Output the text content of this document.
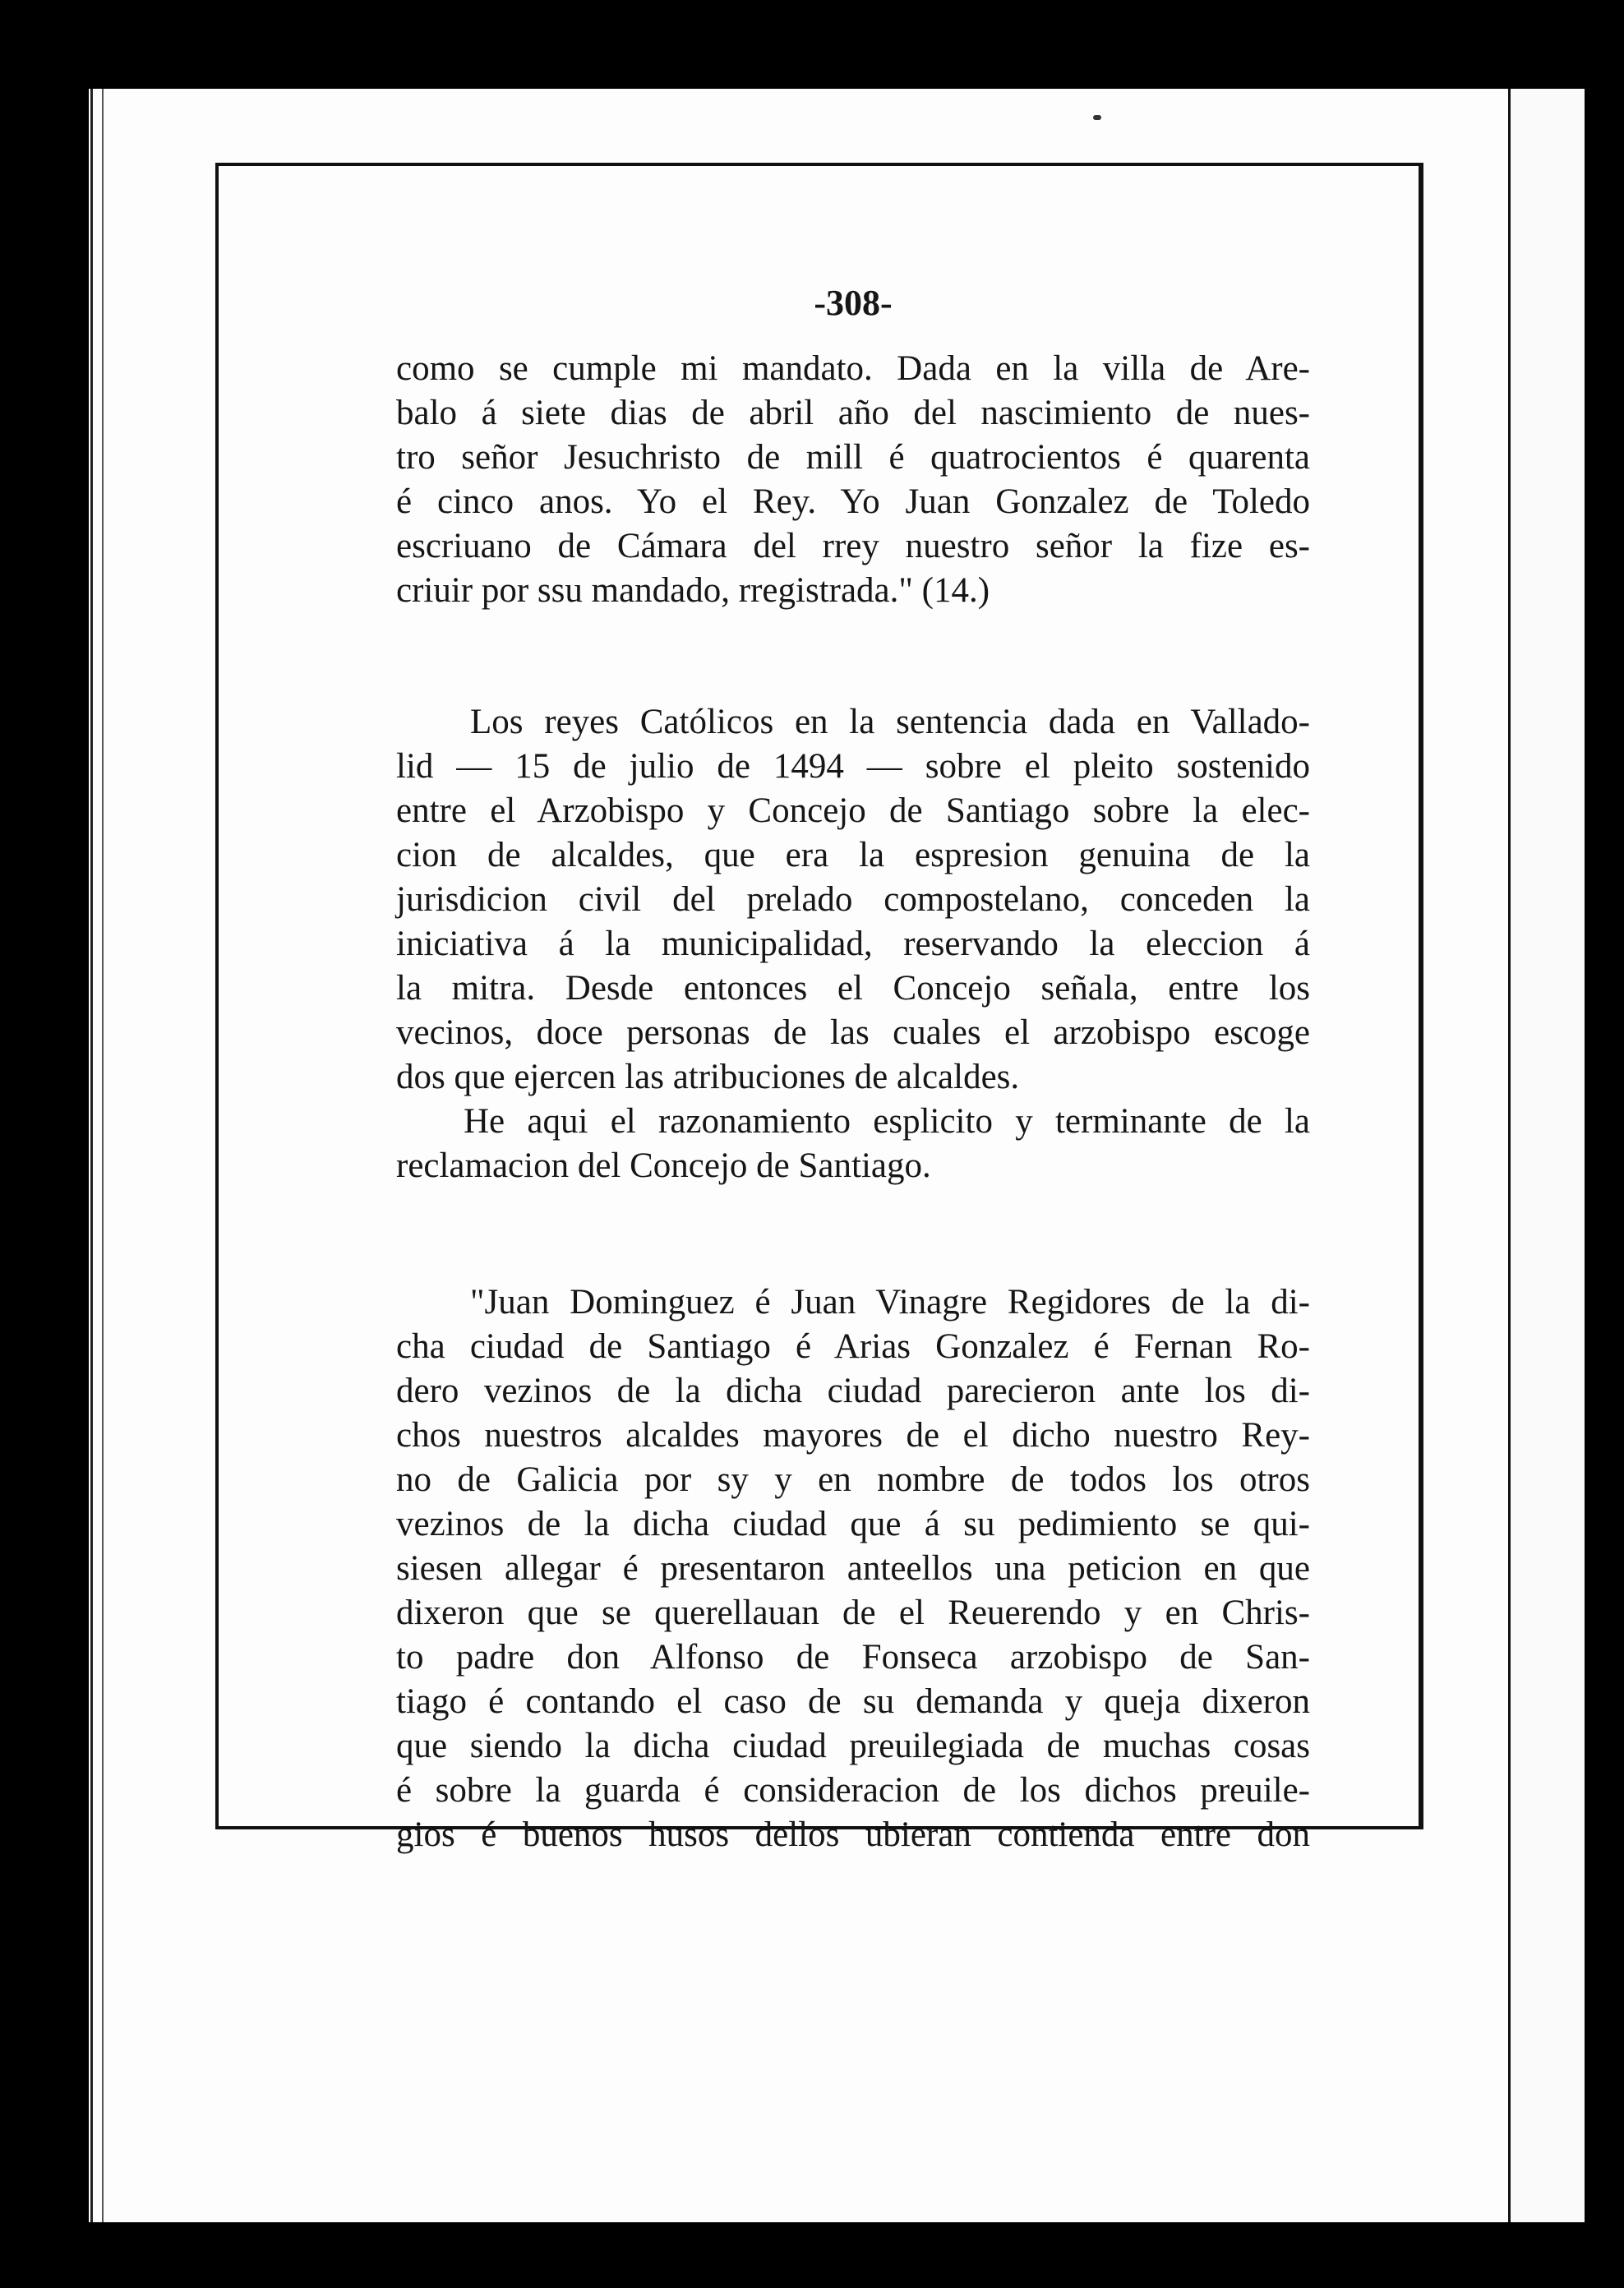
-308-
como se cumple mi mandato. Dada en la villa de Are-
balo á siete dias de abril año del nascimiento de nues-
tro señor Jesuchristo de mill é quatrocientos é quarenta
é cinco anos. Yo el Rey. Yo Juan Gonzalez de Toledo
escriuano de Cámara del rrey nuestro señor la fize es-
criuir por ssu mandado, rregistrada." (14.)
Los reyes Católicos en la sentencia dada en Vallado-
lid — 15 de julio de 1494 — sobre el pleito sostenido
entre el Arzobispo y Concejo de Santiago sobre la elec-
cion de alcaldes, que era la espresion genuina de la
jurisdicion civil del prelado compostelano, conceden la
iniciativa á la municipalidad, reservando la eleccion á
la mitra. Desde entonces el Concejo señala, entre los
vecinos, doce personas de las cuales el arzobispo escoge
dos que ejercen las atribuciones de alcaldes.
He aqui el razonamiento esplicito y terminante de la
reclamacion del Concejo de Santiago.
"Juan Dominguez é Juan Vinagre Regidores de la di-
cha ciudad de Santiago é Arias Gonzalez é Fernan Ro-
dero vezinos de la dicha ciudad parecieron ante los di-
chos nuestros alcaldes mayores de el dicho nuestro Rey-
no de Galicia por sy y en nombre de todos los otros
vezinos de la dicha ciudad que á su pedimiento se qui-
siesen allegar é presentaron anteellos una peticion en que
dixeron que se querellauan de el Reuerendo y en Chris-
to padre don Alfonso de Fonseca arzobispo de San-
tiago é contando el caso de su demanda y queja dixeron
que siendo la dicha ciudad preuilegiada de muchas cosas
é sobre la guarda é consideracion de los dichos preuile-
gios é buenos husos dellos ubieran contienda entre don
